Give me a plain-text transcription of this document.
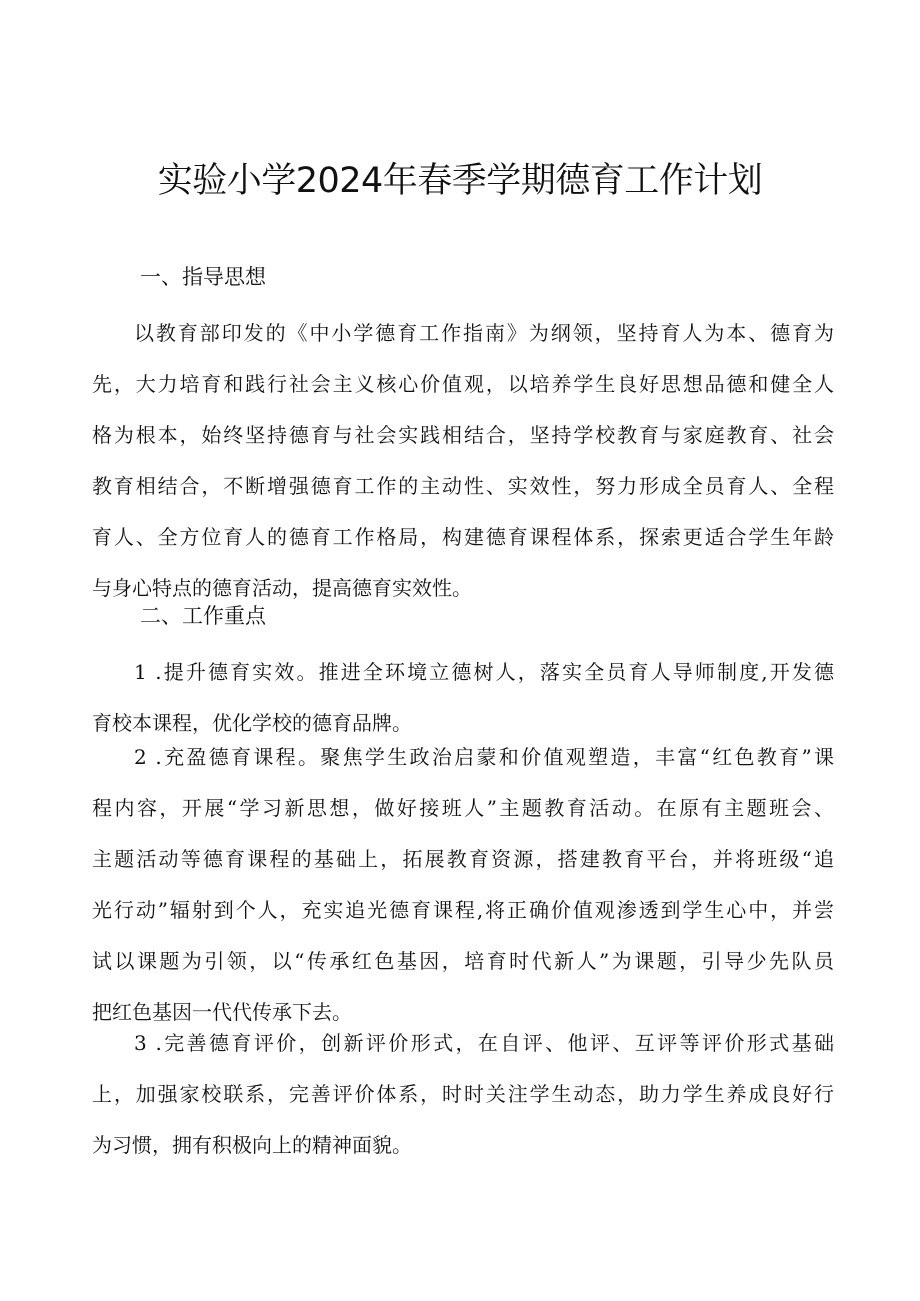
实验小学2024年春季学期德育工作计划
一、指导思想
以教育部印发的《中小学德育工作指南》为纲领，坚持育人为本、德育为
先，大力培育和践行社会主义核心价值观，以培养学生良好思想品德和健全人
格为根本，始终坚持德育与社会实践相结合，坚持学校教育与家庭教育、社会
教育相结合，不断增强德育工作的主动性、实效性，努力形成全员育人、全程
育人、全方位育人的德育工作格局，构建德育课程体系，探索更适合学生年龄
与身心特点的德育活动，提高德育实效性。
二、工作重点
1 .提升德育实效。推进全环境立德树人，落实全员育人导师制度,开发德
育校本课程，优化学校的德育品牌。
2 .充盈德育课程。聚焦学生政治启蒙和价值观塑造，丰富“红色教育”课
程内容，开展“学习新思想，做好接班人”主题教育活动。在原有主题班会、
主题活动等德育课程的基础上，拓展教育资源，搭建教育平台，并将班级“追
光行动”辐射到个人，充实追光德育课程,将正确价值观渗透到学生心中，并尝
试以课题为引领，以“传承红色基因，培育时代新人”为课题，引导少先队员
把红色基因一代代传承下去。
3 .完善德育评价，创新评价形式，在自评、他评、互评等评价形式基础
上，加强家校联系，完善评价体系，时时关注学生动态，助力学生养成良好行
为习惯，拥有积极向上的精神面貌。
